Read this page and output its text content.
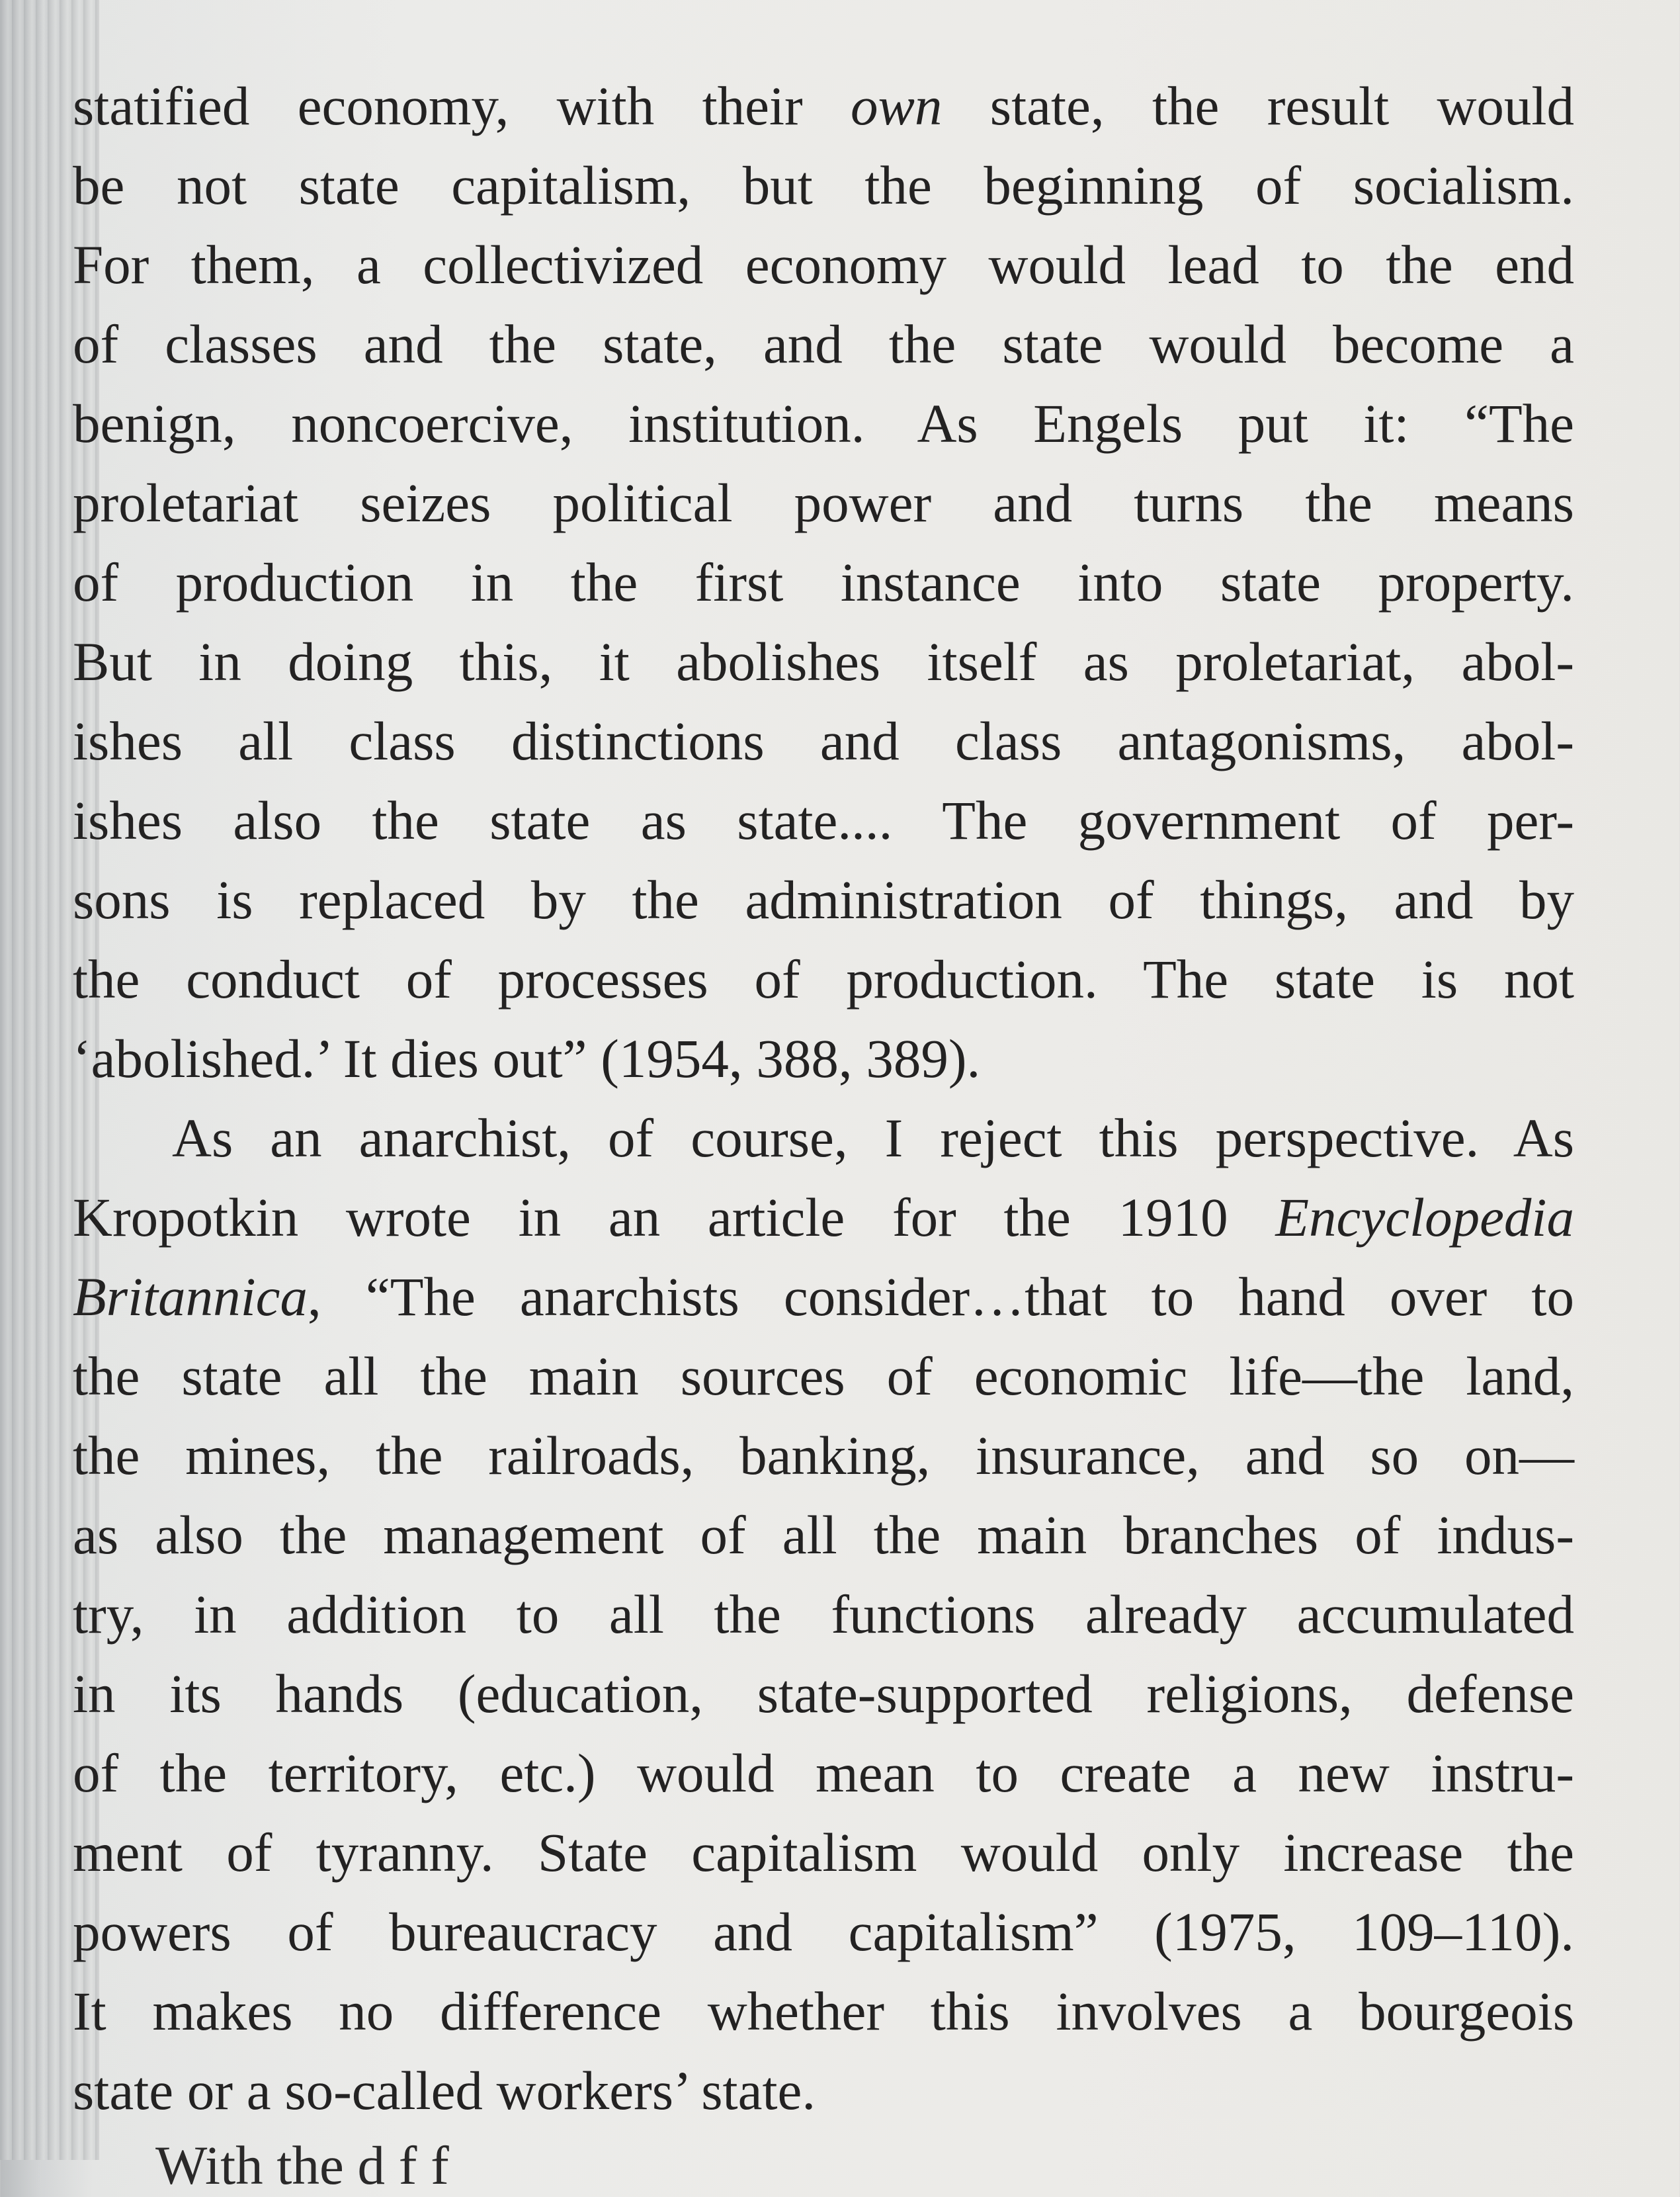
statified economy, with their own state, the result would
be not state capitalism, but the beginning of socialism.
For them, a collectivized economy would lead to the end
of classes and the state, and the state would become a
benign, noncoercive, institution. As Engels put it: “The
proletariat seizes political power and turns the means
of production in the first instance into state property.
But in doing this, it abolishes itself as proletariat, abol-
ishes all class distinctions and class antagonisms, abol-
ishes also the state as state.... The government of per-
sons is replaced by the administration of things, and by
the conduct of processes of production. The state is not
‘abolished.’ It dies out” (1954, 388, 389).
As an anarchist, of course, I reject this perspective. As
Kropotkin wrote in an article for the 1910 Encyclopedia
Britannica, “The anarchists consider…that to hand over to
the state all the main sources of economic life—the land,
the mines, the railroads, banking, insurance, and so on—
as also the management of all the main branches of indus-
try, in addition to all the functions already accumulated
in its hands (education, state-supported religions, defense
of the territory, etc.) would mean to create a new instru-
ment of tyranny. State capitalism would only increase the
powers of bureaucracy and capitalism” (1975, 109–110).
It makes no difference whether this involves a bourgeois
state or a so-called workers’ state.
With the d f f
